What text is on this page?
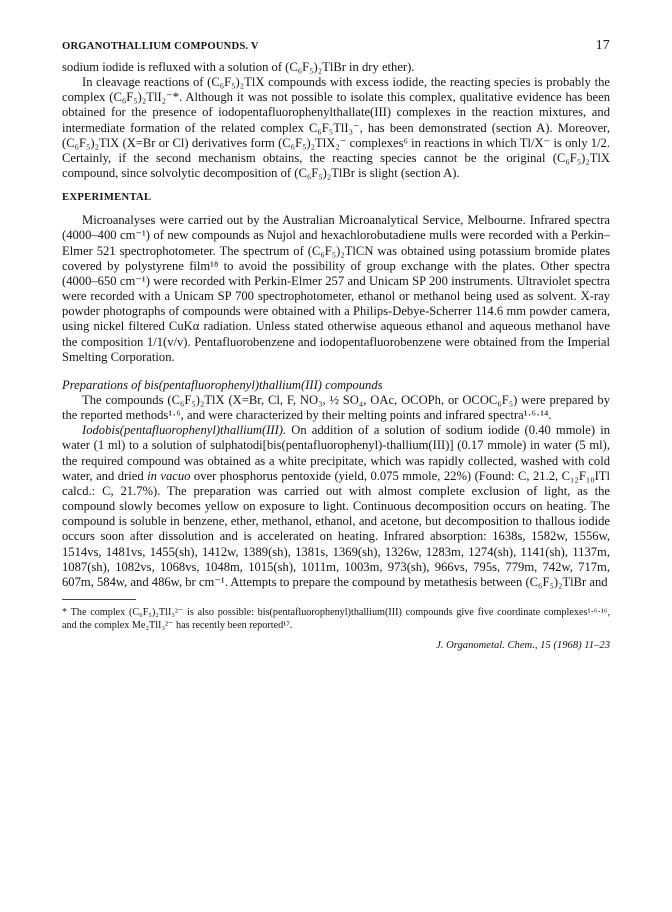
ORGANOTHALLIUM COMPOUNDS. V	17

sodium iodide is refluxed with a solution of (C₆F₅)₂TlBr in dry ether).

In cleavage reactions of (C₆F₅)₂TlX compounds with excess iodide, the reacting species is probably the complex (C₆F₅)₂TlI₂⁻*. Although it was not possible to isolate this complex, qualitative evidence has been obtained for the presence of iodopentafluorophenylthallate(III) complexes in the reaction mixtures, and intermediate formation of the related complex C₆F₅TlI₃⁻, has been demonstrated (section A). Moreover, (C₆F₅)₂TlX (X=Br or Cl) derivatives form (C₆F₅)₂TlX₂⁻ complexes⁶ in reactions in which Tl/X⁻ is only 1/2. Certainly, if the second mechanism obtains, the reacting species cannot be the original (C₆F₅)₂TlX compound, since solvolytic decomposition of (C₆F₅)₂TlBr is slight (section A).

EXPERIMENTAL

Microanalyses were carried out by the Australian Microanalytical Service, Melbourne. Infrared spectra (4000–400 cm⁻¹) of new compounds as Nujol and hexachlorobutadiene mulls were recorded with a Perkin–Elmer 521 spectrophotometer. The spectrum of (C₆F₅)₂TlCN was obtained using potassium bromide plates covered by polystyrene film¹⁸ to avoid the possibility of group exchange with the plates. Other spectra (4000–650 cm⁻¹) were recorded with Perkin-Elmer 257 and Unicam SP 200 instruments. Ultraviolet spectra were recorded with a Unicam SP 700 spectrophotometer, ethanol or methanol being used as solvent. X-ray powder photographs of compounds were obtained with a Philips-Debye-Scherrer 114.6 mm powder camera, using nickel filtered CuKα radiation. Unless stated otherwise aqueous ethanol and aqueous methanol have the composition 1/1(v/v). Pentafluorobenzene and iodopentafluorobenzene were obtained from the Imperial Smelting Corporation.

Preparations of bis(pentafluorophenyl)thallium(III) compounds

The compounds (C₆F₅)₂TlX (X=Br, Cl, F, NO₃, ½ SO₄, OAc, OCOPh, or OCOC₆F₅) were prepared by the reported methods¹·⁶, and were characterized by their melting points and infrared spectra¹·⁶·¹⁴.

Iodobis(pentafluorophenyl)thallium(III). On addition of a solution of sodium iodide (0.40 mmole) in water (1 ml) to a solution of sulphatodi[bis(pentafluorophenyl)-thallium(III)] (0.17 mmole) in water (5 ml), the required compound was obtained as a white precipitate, which was rapidly collected, washed with cold water, and dried in vacuo over phosphorus pentoxide (yield, 0.075 mmole, 22%) (Found: C, 21.2, C₁₂F₁₀ITl calcd.: C, 21.7%). The preparation was carried out with almost complete exclusion of light, as the compound slowly becomes yellow on exposure to light. Continuous decomposition occurs on heating. The compound is soluble in benzene, ether, methanol, ethanol, and acetone, but decomposition to thallous iodide occurs soon after dissolution and is accelerated on heating. Infrared absorption: 1638s, 1582w, 1556w, 1514vs, 1481vs, 1455(sh), 1412w, 1389(sh), 1381s, 1369(sh), 1326w, 1283m, 1274(sh), 1141(sh), 1137m, 1087(sh), 1082vs, 1068vs, 1048m, 1015(sh), 1011m, 1003m, 973(sh), 966vs, 795s, 779m, 742w, 717m, 607m, 584w, and 486w, br cm⁻¹. Attempts to prepare the compound by metathesis between (C₆F₅)₂TlBr and

* The complex (C₆F₅)₂TlI₃²⁻ is also possible: bis(pentafluorophenyl)thallium(III) compounds give five coordinate complexes¹·⁶·¹⁶, and the complex Me₂TlI₃²⁻ has recently been reported¹⁷.

J. Organometal. Chem., 15 (1968) 11–23
